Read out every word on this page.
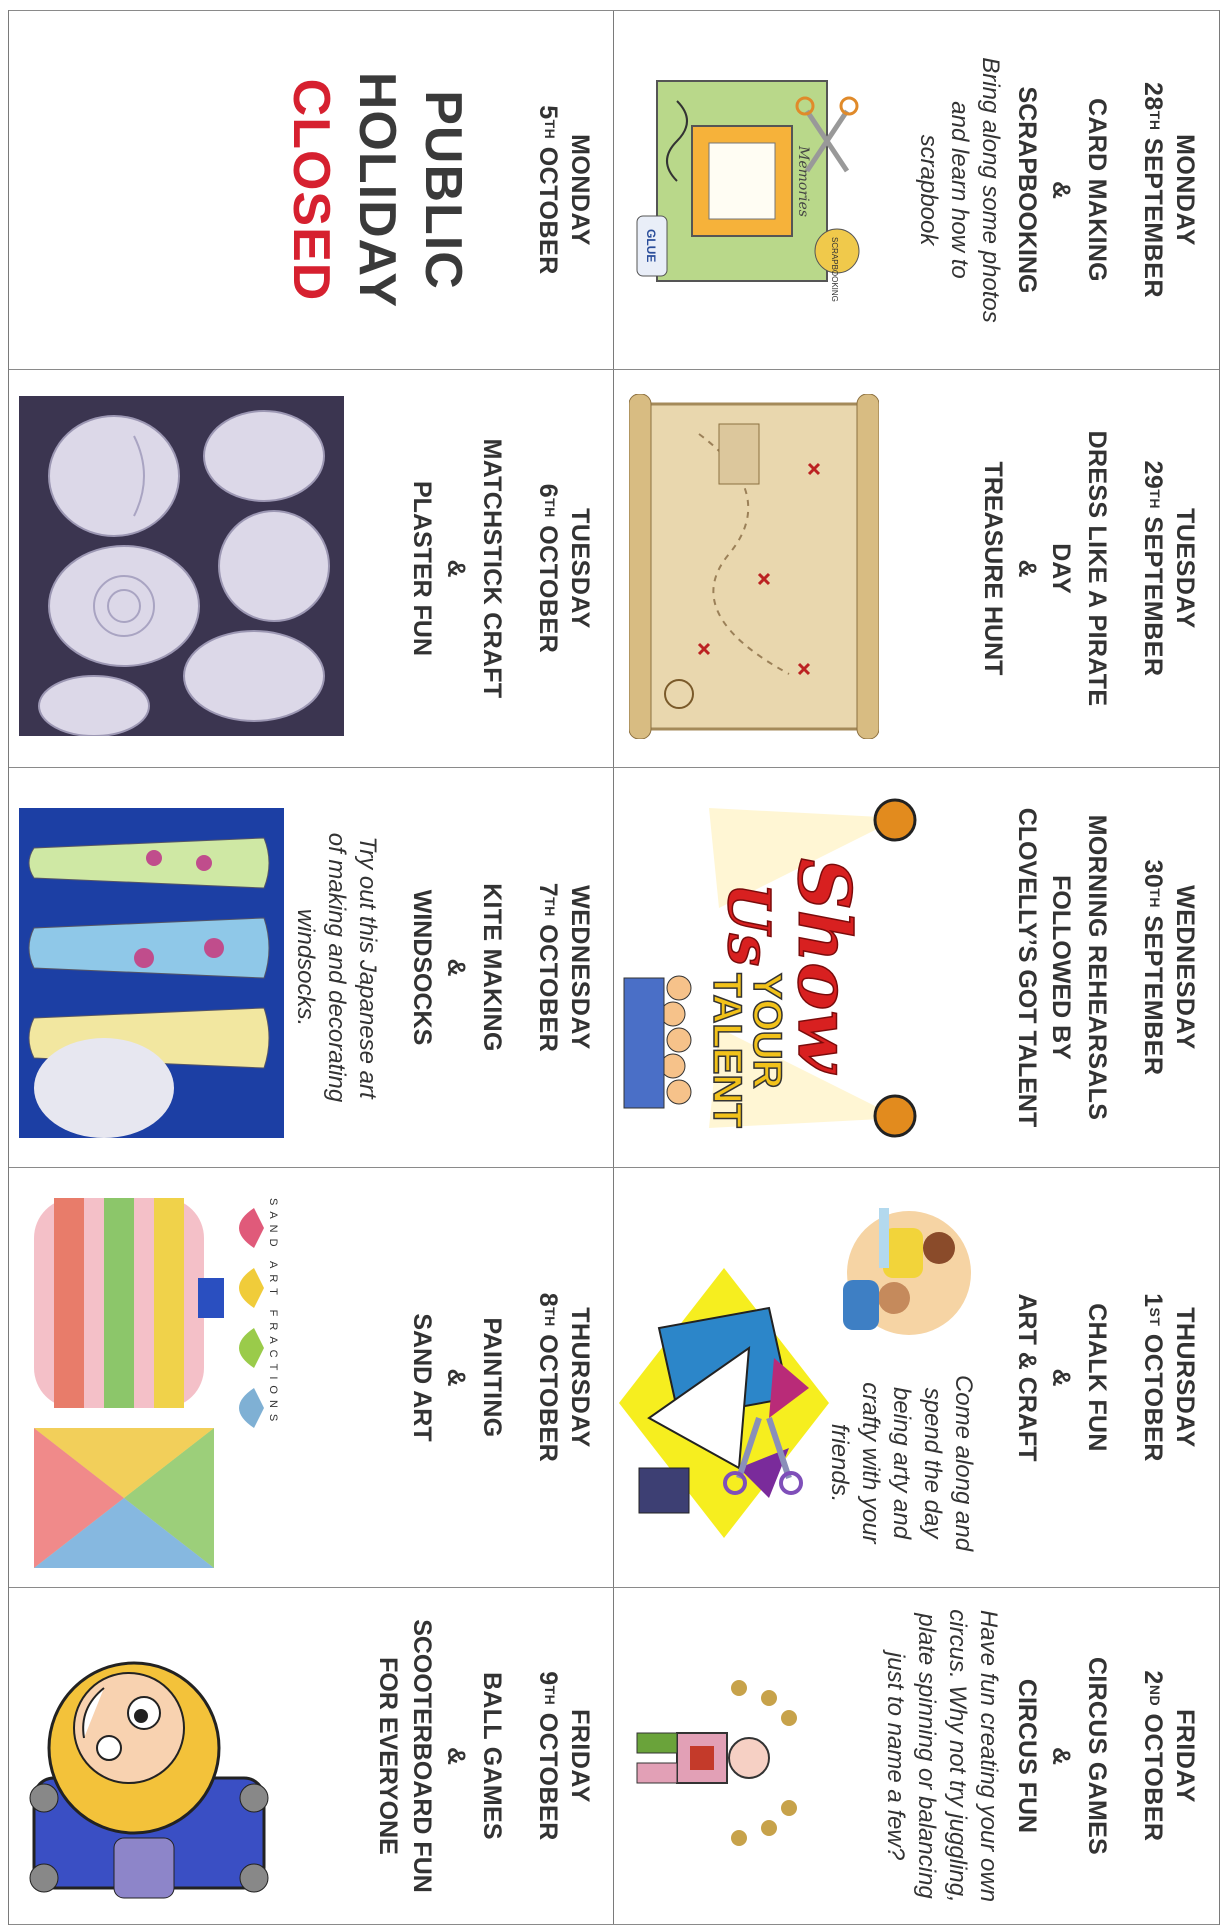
MONDAY
28TH SEPTEMBER
CARD MAKING
&
SCRAPBOOKING
Bring along some photos and learn how to scrapbook
Memories
SCRAPBOOKING
GLUE
TUESDAY
29TH SEPTEMBER
DRESS LIKE A PIRATE
DAY
&
TREASURE HUNT
WEDNESDAY
30TH SEPTEMBER
MORNING REHEARSALS
FOLLOWED BY
CLOVELLY’S GOT TALENT
Show
Us
YOUR
TALENT
THURSDAY
1ST OCTOBER
CHALK FUN
&
ART & CRAFT
Come along and spend the day being arty and crafty with your friends.
FRIDAY
2ND OCTOBER
CIRCUS GAMES
&
CIRCUS FUN
Have fun creating your own circus. Why not try juggling, plate spinning or balancing just to name a few?
MONDAY
5TH OCTOBER
PUBLIC
HOLIDAY
CLOSED
TUESDAY
6TH OCTOBER
MATCHSTICK CRAFT
&
PLASTER FUN
WEDNESDAY
7TH OCTOBER
KITE MAKING
&
WINDSOCKS
Try out this Japanese art of making and decorating windsocks.
THURSDAY
8TH OCTOBER
PAINTING
&
SAND ART
SAND ART FRACTIONS
FRIDAY
9TH OCTOBER
BALL GAMES
&
SCOOTERBOARD FUN
FOR EVERYONE
